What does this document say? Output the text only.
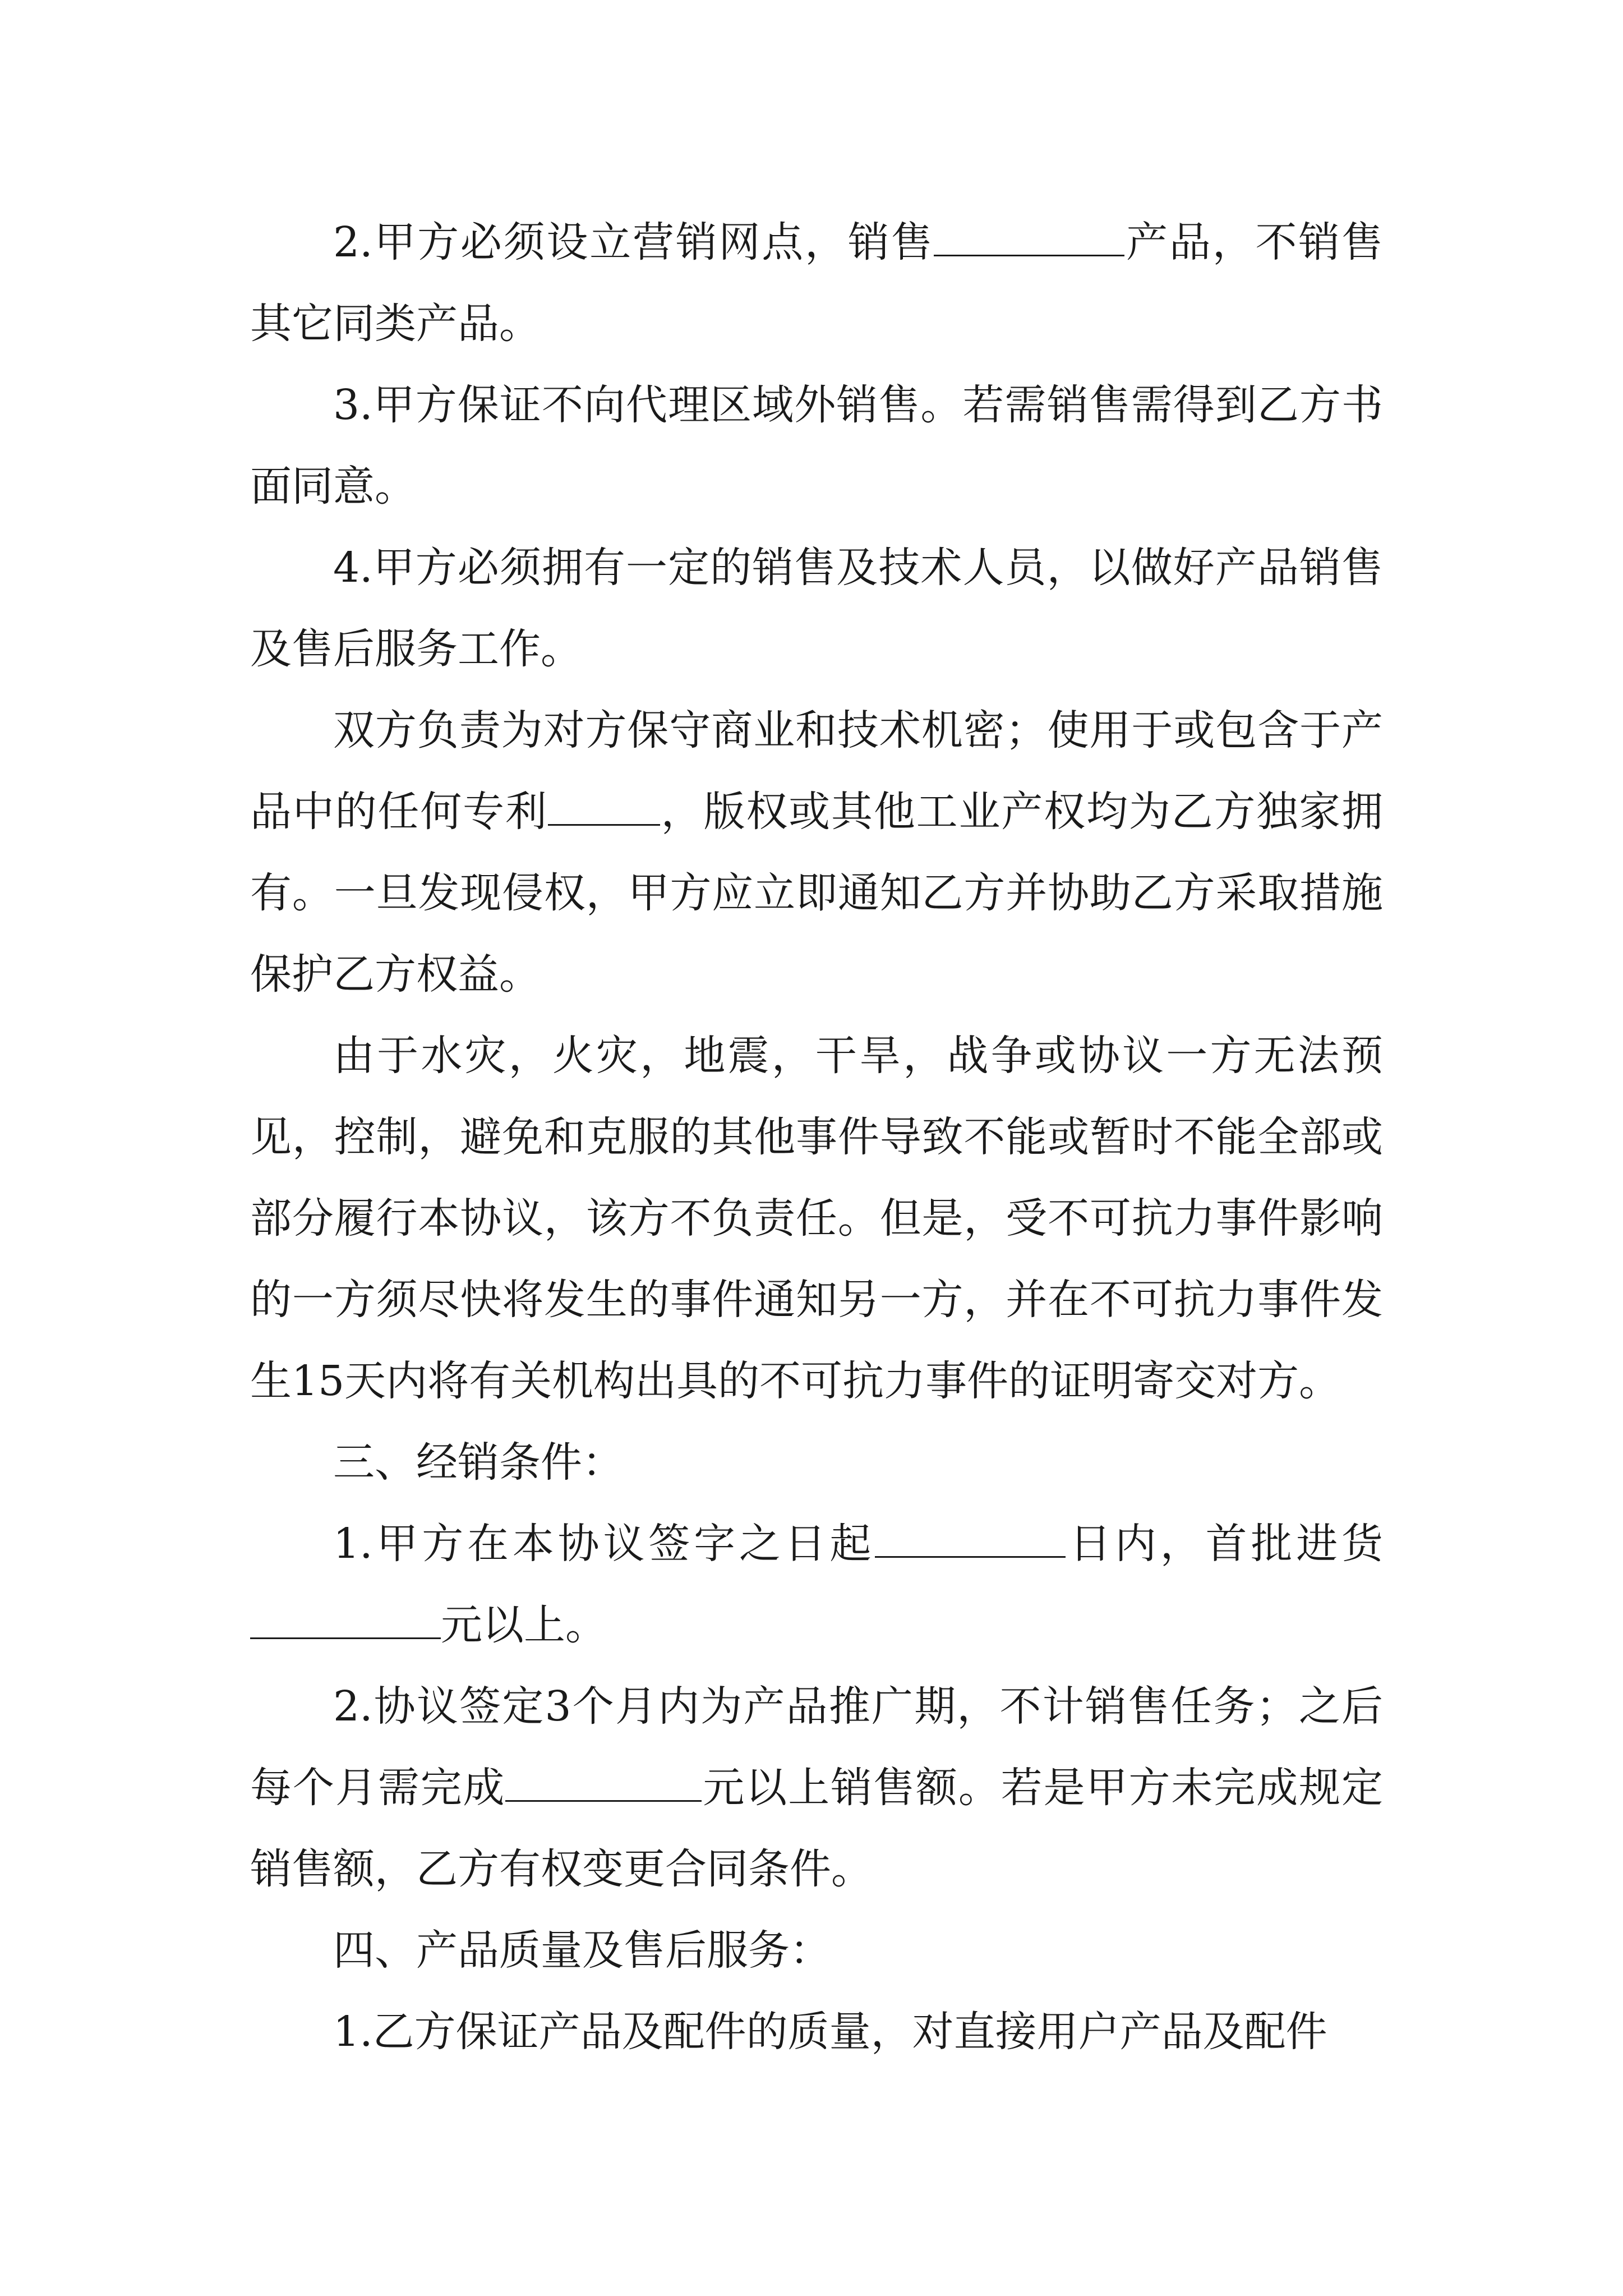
2.甲方必须设立营销网点，销售	产品，不销售其它同类产品。

3.甲方保证不向代理区域外销售。若需销售需得到乙方书面同意。

4.甲方必须拥有一定的销售及技术人员，以做好产品销售及售后服务工作。

双方负责为对方保守商业和技术机密；使用于或包含于产品中的任何专利	，版权或其他工业产权均为乙方独家拥有。一旦发现侵权，甲方应立即通知乙方并协助乙方采取措施保护乙方权益。

由于水灾，火灾，地震，干旱，战争或协议一方无法预见，控制，避免和克服的其他事件导致不能或暂时不能全部或部分履行本协议，该方不负责任。但是，受不可抗力事件影响的一方须尽快将发生的事件通知另一方，并在不可抗力事件发生15天内将有关机构出具的不可抗力事件的证明寄交对方。

三、经销条件：

1.甲方在本协议签字之日起	日内，首批进货元以上。

2.协议签定3个月内为产品推广期，不计销售任务；之后每个月需完成	元以上销售额。若是甲方未完成规定销售额，乙方有权变更合同条件。

四、产品质量及售后服务：

1.乙方保证产品及配件的质量，对直接用户产品及配件
